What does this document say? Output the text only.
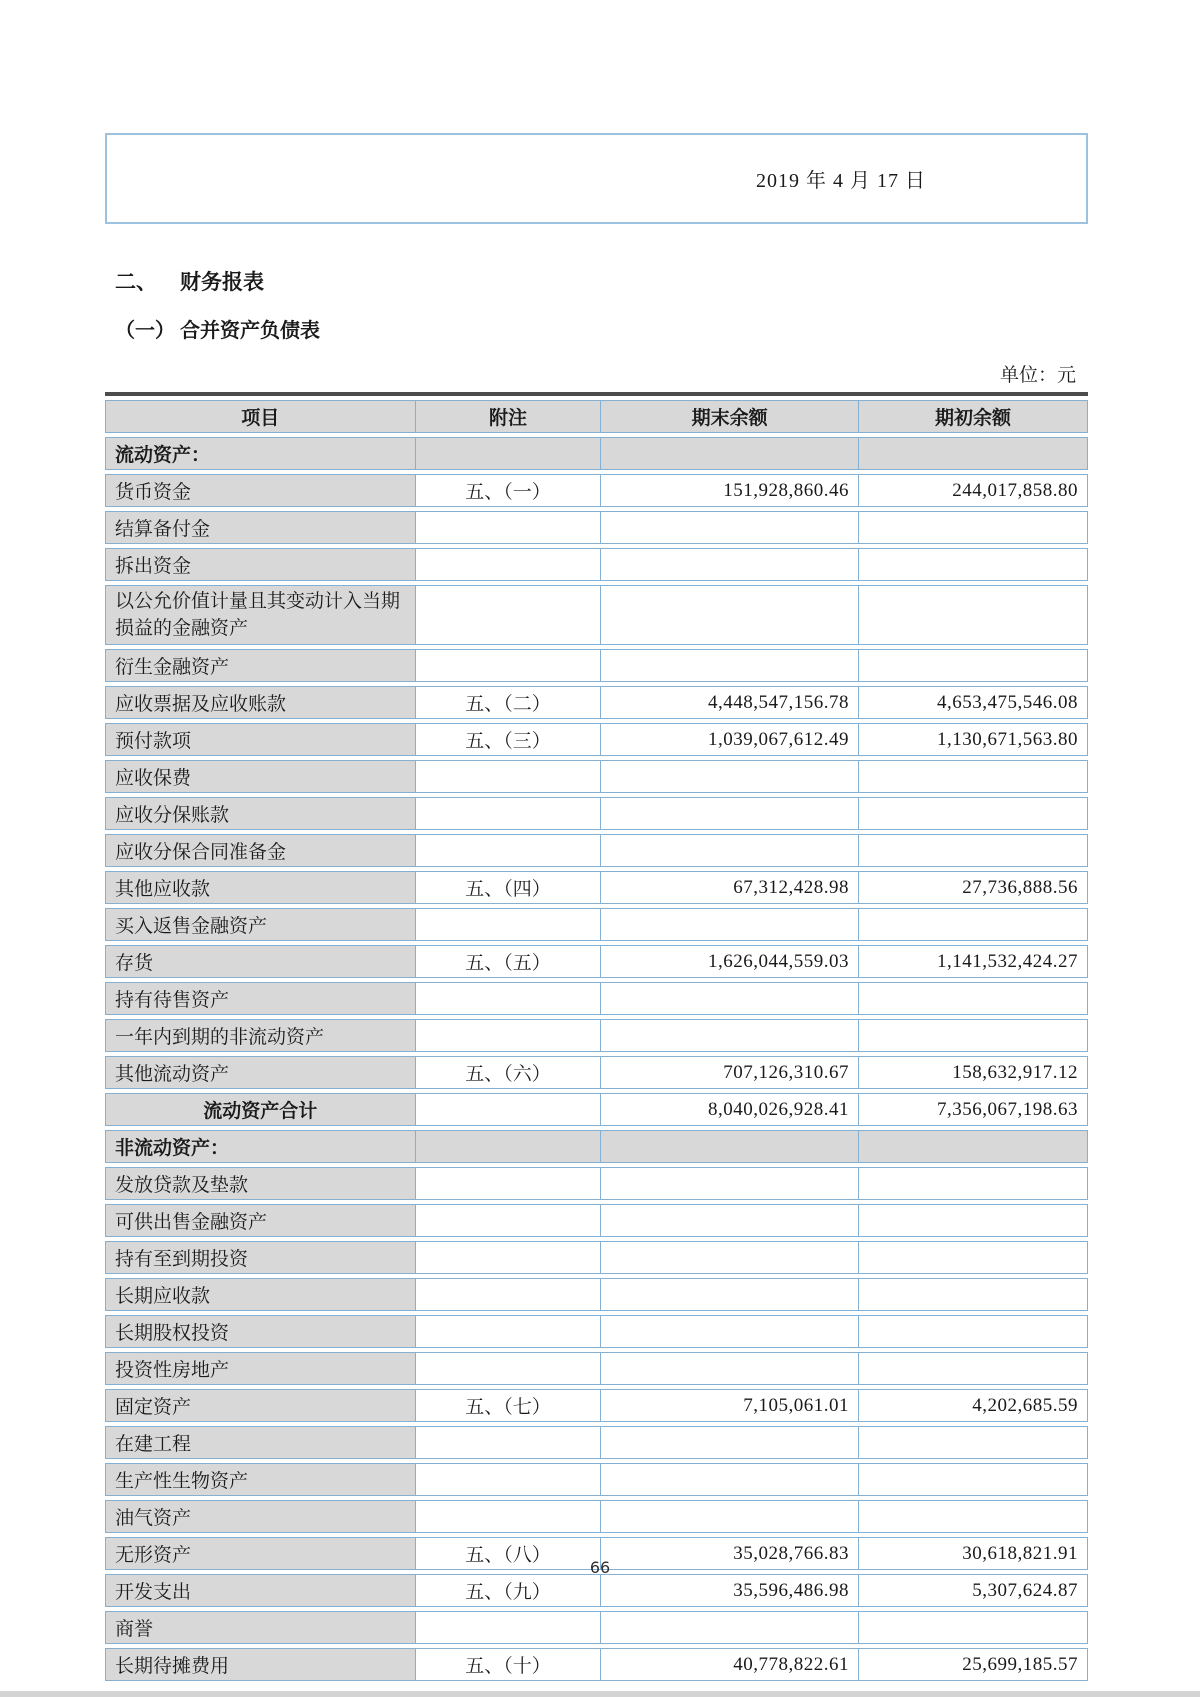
2019 年 4 月 17 日
二、	财务报表
（一） 合并资产负债表
单位：元
项目	附注	期末余额	期初余额
流动资产：			
货币资金	五、（一）	151,928,860.46	244,017,858.80
结算备付金			
拆出资金			
以公允价值计量且其变动计入当期损益的金融资产			
衍生金融资产			
应收票据及应收账款	五、（二）	4,448,547,156.78	4,653,475,546.08
预付款项	五、（三）	1,039,067,612.49	1,130,671,563.80
应收保费			
应收分保账款			
应收分保合同准备金			
其他应收款	五、（四）	67,312,428.98	27,736,888.56
买入返售金融资产			
存货	五、（五）	1,626,044,559.03	1,141,532,424.27
持有待售资产			
一年内到期的非流动资产			
其他流动资产	五、（六）	707,126,310.67	158,632,917.12
流动资产合计		8,040,026,928.41	7,356,067,198.63
非流动资产：			
发放贷款及垫款			
可供出售金融资产			
持有至到期投资			
长期应收款			
长期股权投资			
投资性房地产			
固定资产	五、（七）	7,105,061.01	4,202,685.59
在建工程			
生产性生物资产			
油气资产			
无形资产	五、（八）	35,028,766.83	30,618,821.91
开发支出	五、（九）	35,596,486.98	5,307,624.87
商誉			
长期待摊费用	五、（十）	40,778,822.61	25,699,185.57
66
